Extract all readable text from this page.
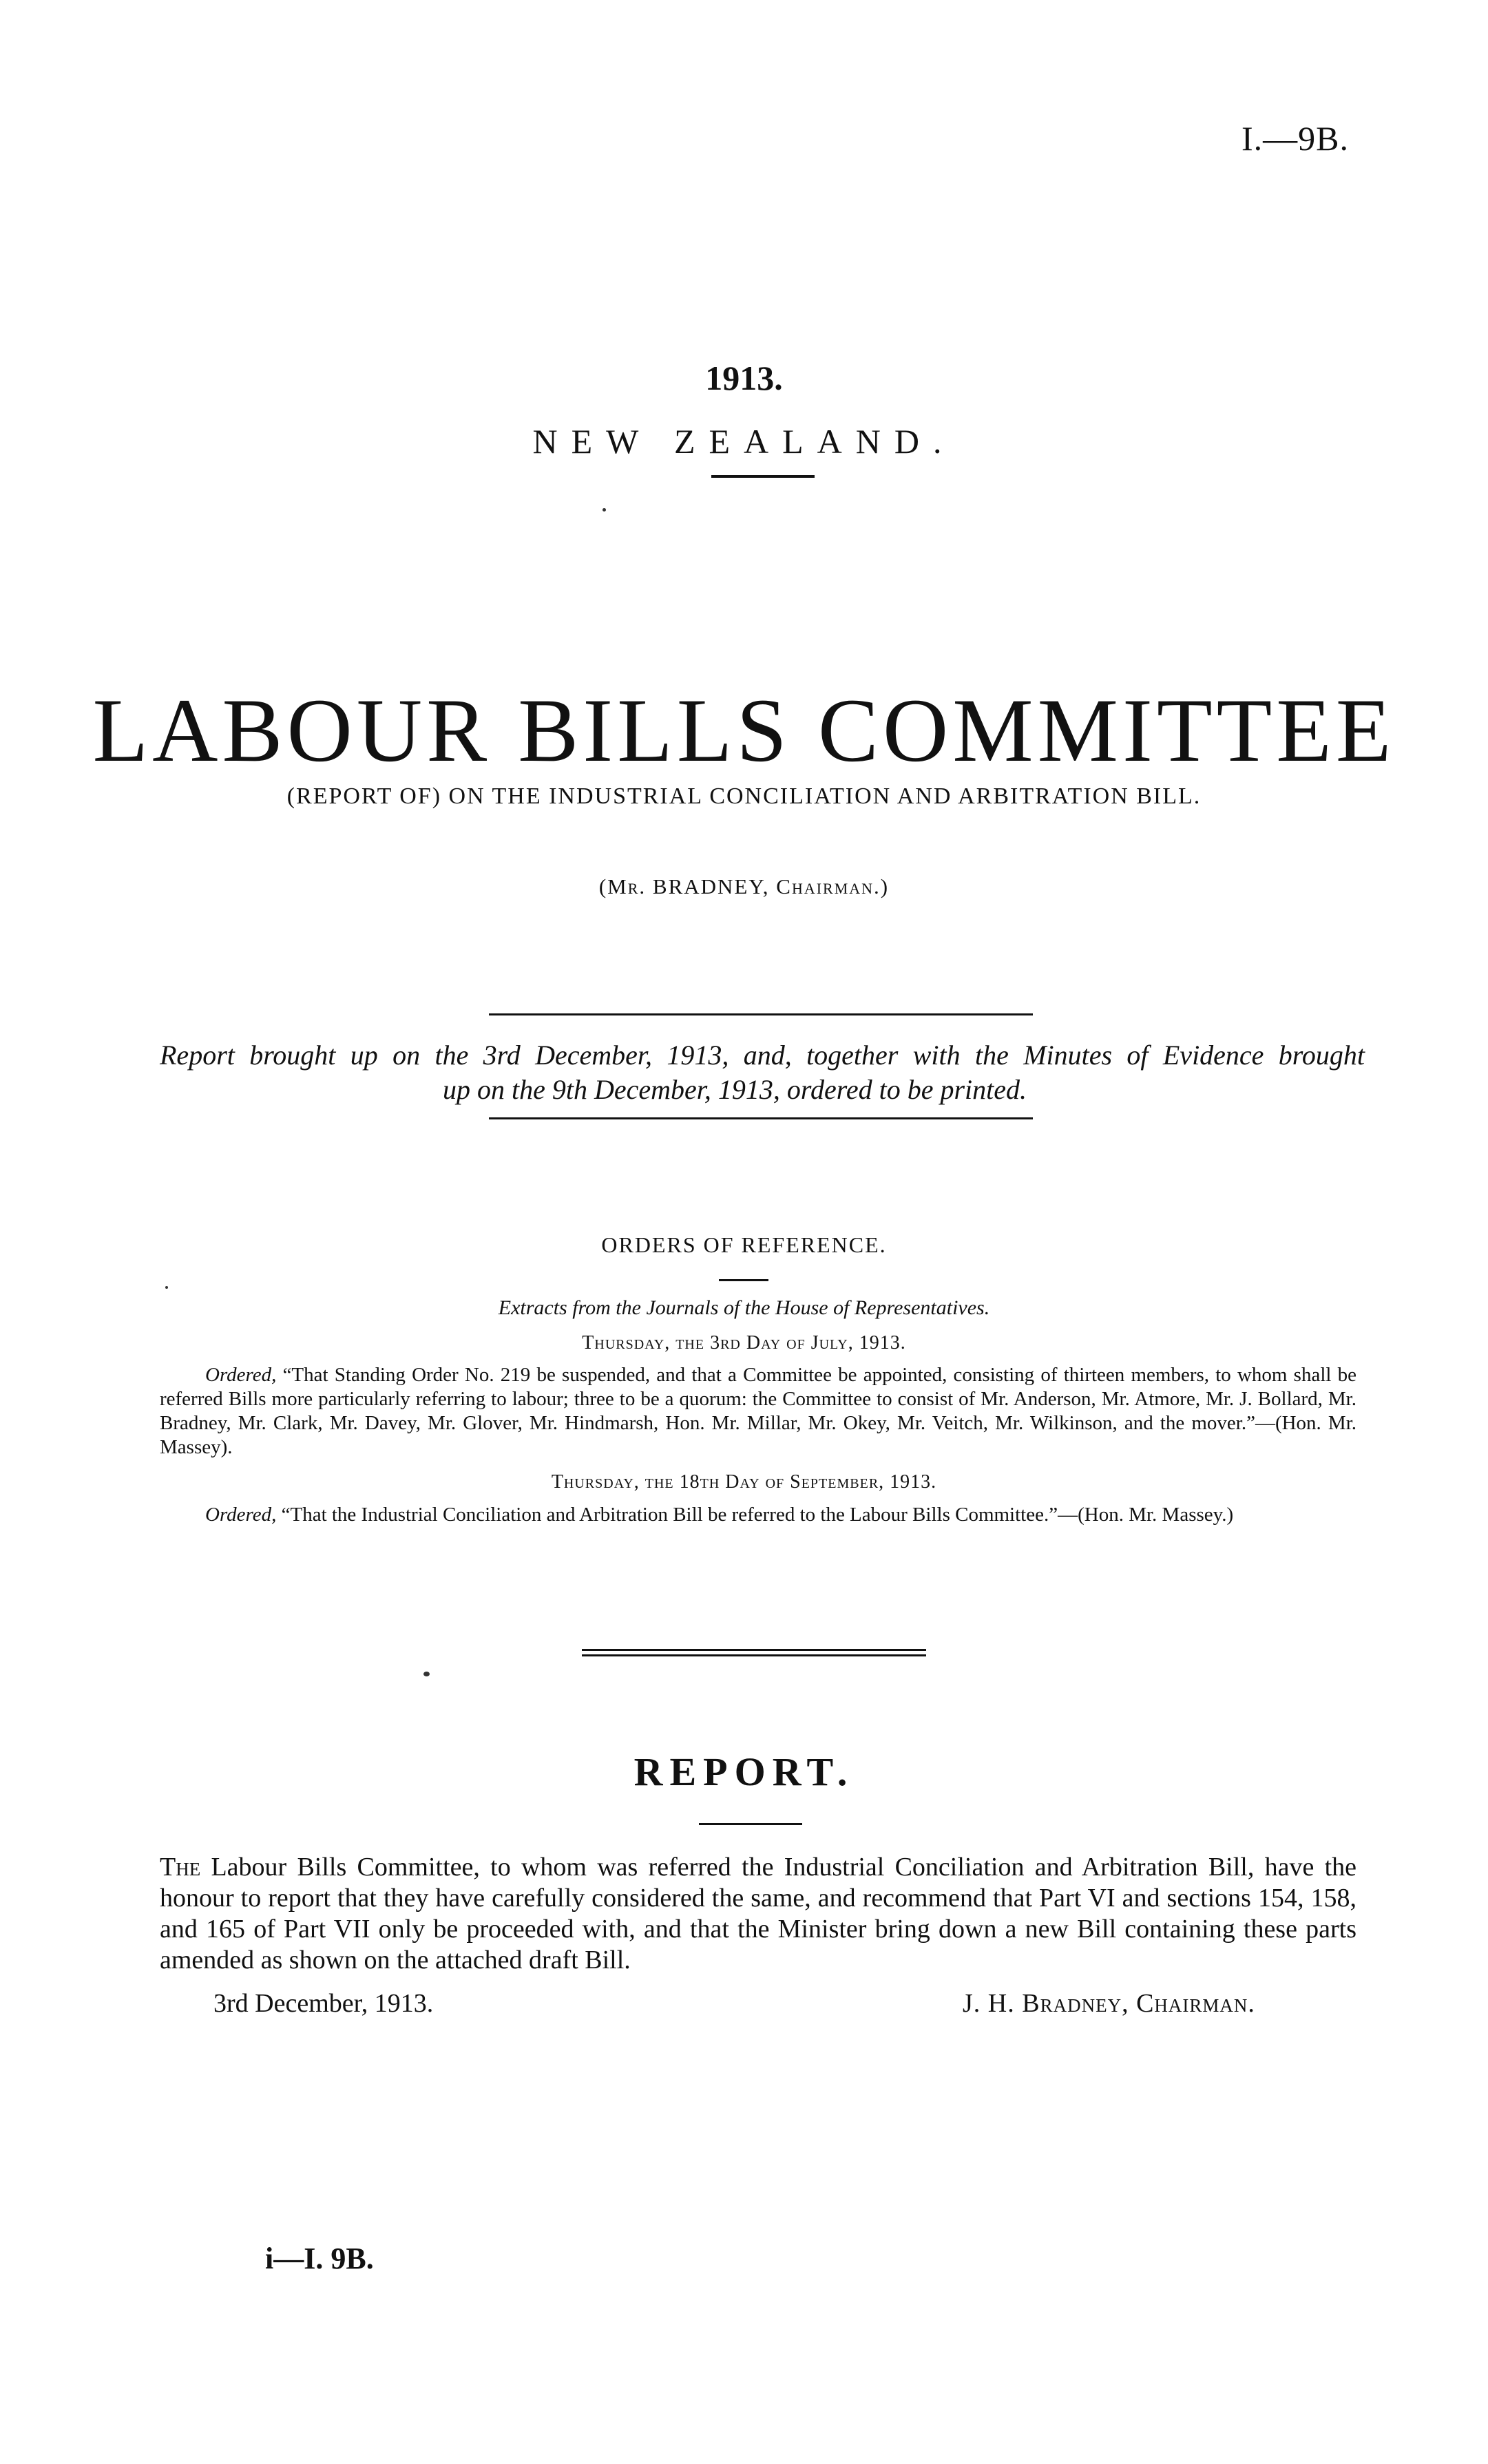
I.—9B.
1913.
NEW ZEALAND.
LABOUR BILLS COMMITTEE
(REPORT OF) ON THE INDUSTRIAL CONCILIATION AND ARBITRATION BILL.
(Mr. BRADNEY, Chairman.)
Report brought up on the 3rd December, 1913, and, together with the Minutes of Evidence brought
up on the 9th December, 1913, ordered to be printed.
ORDERS OF REFERENCE.
Extracts from the Journals of the House of Representatives.
Thursday, the 3rd Day of July, 1913.
Ordered, “That Standing Order No. 219 be suspended, and that a Committee be appointed, consisting of thirteen members, to whom shall be referred Bills more particularly referring to labour; three to be a quorum: the Committee to consist of Mr. Anderson, Mr. Atmore, Mr. J. Bollard, Mr. Bradney, Mr. Clark, Mr. Davey, Mr. Glover, Mr. Hindmarsh, Hon. Mr. Millar, Mr. Okey, Mr. Veitch, Mr. Wilkinson, and the mover.”—(Hon. Mr. Massey).
Thursday, the 18th Day of September, 1913.
Ordered, “That the Industrial Conciliation and Arbitration Bill be referred to the Labour Bills Committee.”—(Hon. Mr. Massey.)
REPORT.
The Labour Bills Committee, to whom was referred the Industrial Conciliation and Arbitration Bill, have the honour to report that they have carefully considered the same, and recommend that Part VI and sections 154, 158, and 165 of Part VII only be proceeded with, and that the Minister bring down a new Bill containing these parts amended as shown on the attached draft Bill.
3rd December, 1913.	J. H. Bradney, Chairman.
i—I. 9B.
